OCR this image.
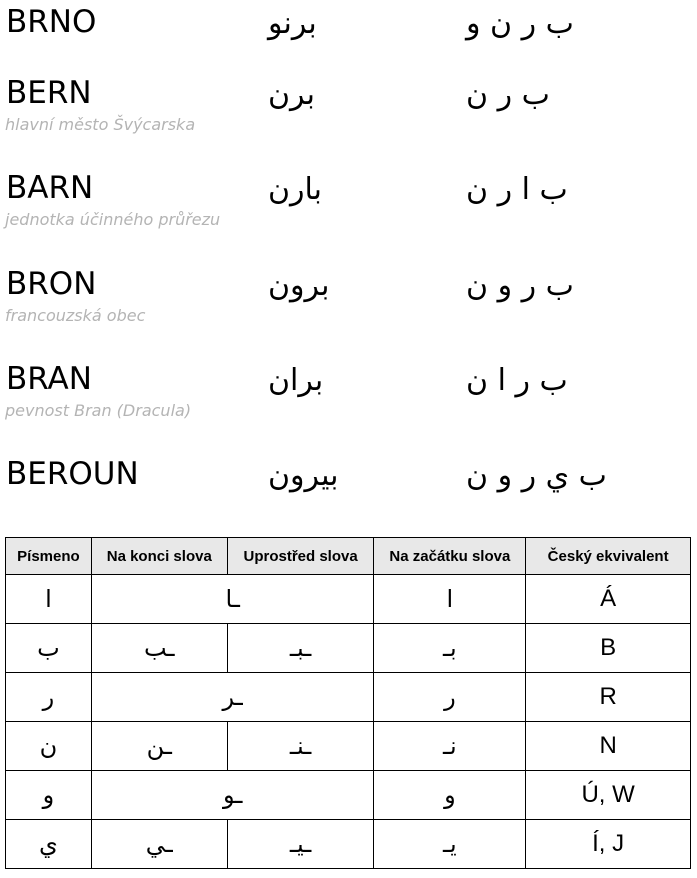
BRNO	برنو	ب ر ن و
BERN
hlavní město Švýcarska
برن	ب ر ن
BARN
jednotka účinného průřezu
بارن	ب ا ر ن
BRON
francouzská obec
برون	ب ر و ن
BRAN
pevnost Bran (Dracula)
بران	ب ر ا ن
BEROUN	بيرون	ب ي ر و ن
Písmeno	Na konci slova	Uprostřed slova	Na začátku slova	Český ekvivalent
ا	ـا		ا	Á
ب	ـب	ـبـ	بـ	B
ر	ـر		ر	R
ن	ـن	ـنـ	نـ	N
و	ـو		و	Ú, W
ي	ـي	ـيـ	يـ	Í, J
